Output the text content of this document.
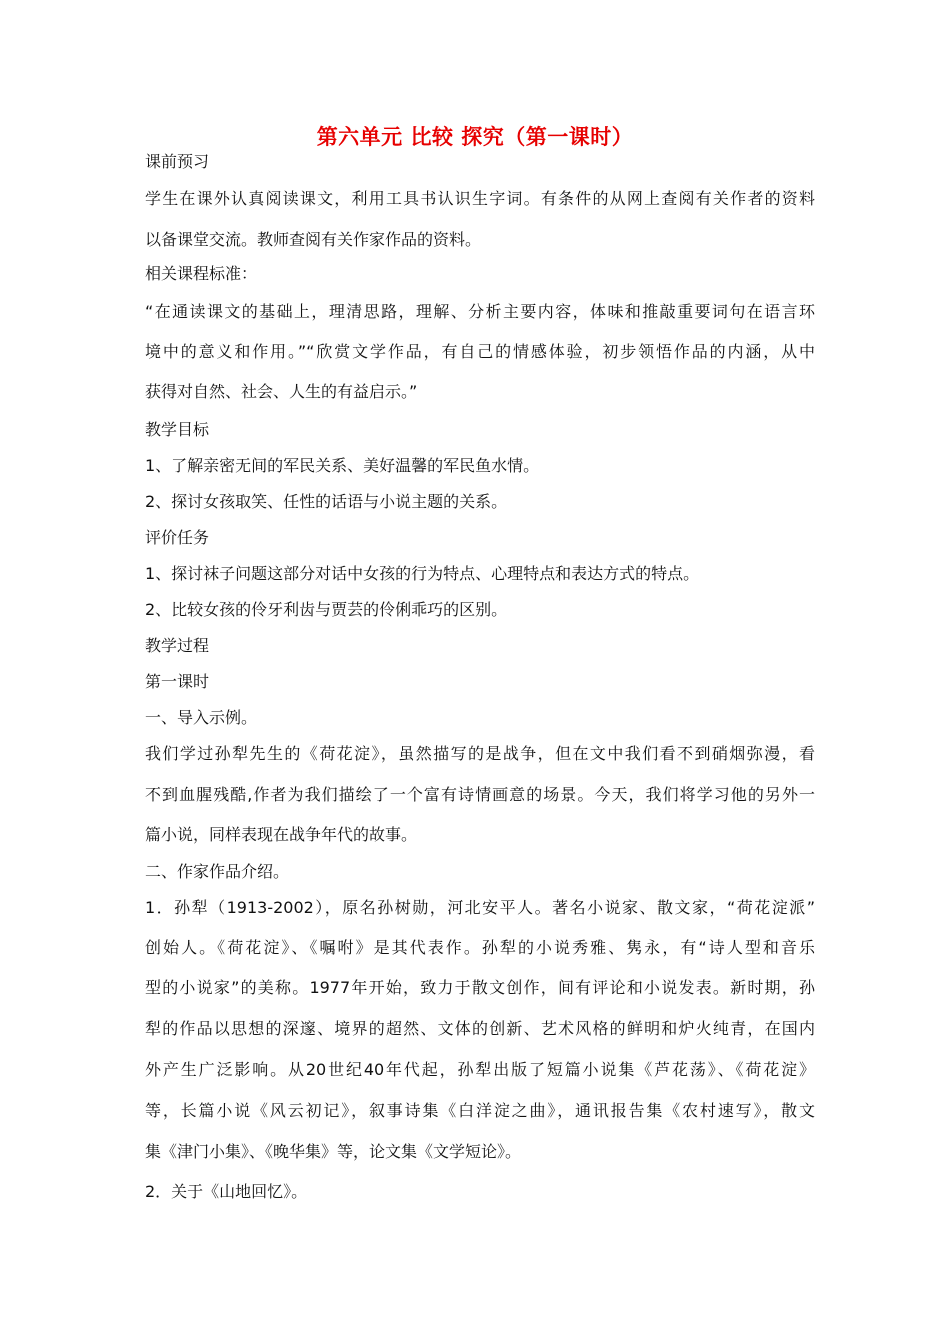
第六单元 比较 探究（第一课时）
课前预习
学生在课外认真阅读课文，利用工具书认识生字词。有条件的从网上查阅有关作者的资料
以备课堂交流。教师查阅有关作家作品的资料。
相关课程标准：
“在通读课文的基础上，理清思路，理解、分析主要内容，体味和推敲重要词句在语言环
境中的意义和作用。”“欣赏文学作品，有自己的情感体验，初步领悟作品的内涵，从中
获得对自然、社会、人生的有益启示。”
教学目标
1、了解亲密无间的军民关系、美好温馨的军民鱼水情。
2、探讨女孩取笑、任性的话语与小说主题的关系。
评价任务
1、探讨袜子问题这部分对话中女孩的行为特点、心理特点和表达方式的特点。
2、比较女孩的伶牙利齿与贾芸的伶俐乖巧的区别。
教学过程
第一课时
一、导入示例。
我们学过孙犁先生的《荷花淀》，虽然描写的是战争，但在文中我们看不到硝烟弥漫，看
不到血腥残酷,作者为我们描绘了一个富有诗情画意的场景。今天，我们将学习他的另外一
篇小说，同样表现在战争年代的故事。
二、作家作品介绍。
1．孙犁（1913-2002），原名孙树勋，河北安平人。著名小说家、散文家，“荷花淀派”
创始人。《荷花淀》、《嘱咐》是其代表作。孙犁的小说秀雅、隽永，有“诗人型和音乐
型的小说家”的美称。1977年开始，致力于散文创作，间有评论和小说发表。新时期，孙
犁的作品以思想的深邃、境界的超然、文体的创新、艺术风格的鲜明和炉火纯青，在国内
外产生广泛影响。从20世纪40年代起，孙犁出版了短篇小说集《芦花荡》、《荷花淀》
等，长篇小说《风云初记》，叙事诗集《白洋淀之曲》，通讯报告集《农村速写》，散文
集《津门小集》、《晚华集》等，论文集《文学短论》。
2．关于《山地回忆》。
